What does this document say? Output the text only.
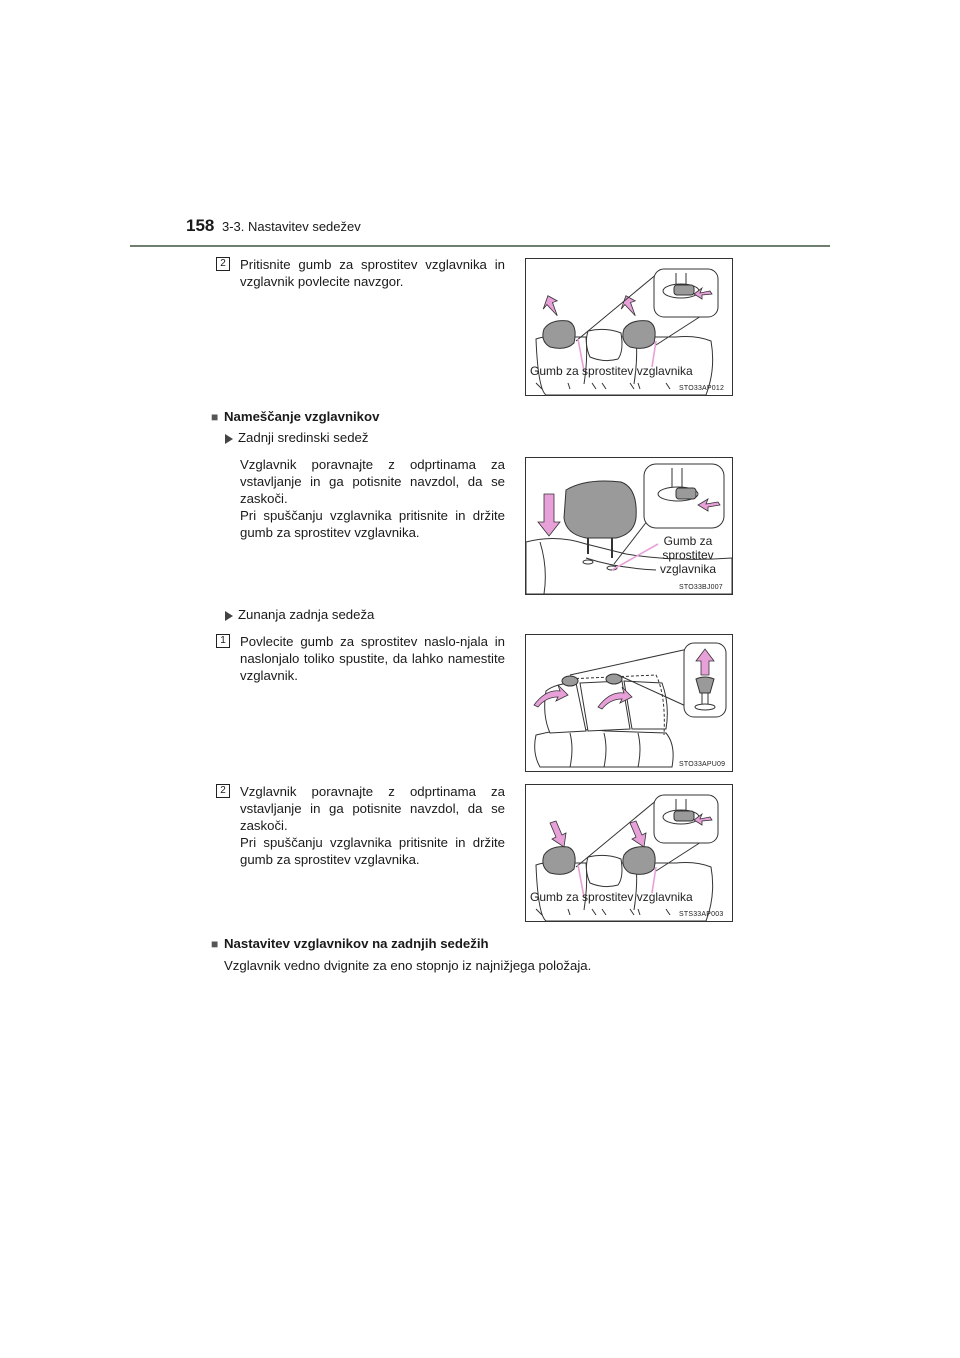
158 3-3. Nastavitev sedežev
2	Pritisnite gumb za sprostitev vzglavnika in vzglavnik povlecite navzgor.
Gumb za sprostitev vzglavnika
STO33AP012
■ Nameščanje vzglavnikov
Zadnji sredinski sedež
Vzglavnik poravnajte z odprtinama za vstavljanje in ga potisnite navzdol, da se zaskoči.
Pri spuščanju vzglavnika pritisnite in držite gumb za sprostitev vzglavnika.
Gumb za
sprostitev
vzglavnika
STO33BJ007
Zunanja zadnja sedeža
1	Povlecite gumb za sprostitev naslo-njala in naslonjalo toliko spustite, da lahko namestite vzglavnik.
STO33APU09
2	Vzglavnik poravnajte z odprtinama za vstavljanje in ga potisnite navzdol, da se zaskoči.
Pri spuščanju vzglavnika pritisnite in držite gumb za sprostitev vzglavnika.
Gumb za sprostitev vzglavnika
STS33AP003
■ Nastavitev vzglavnikov na zadnjih sedežih
Vzglavnik vedno dvignite za eno stopnjo iz najnižjega položaja.
